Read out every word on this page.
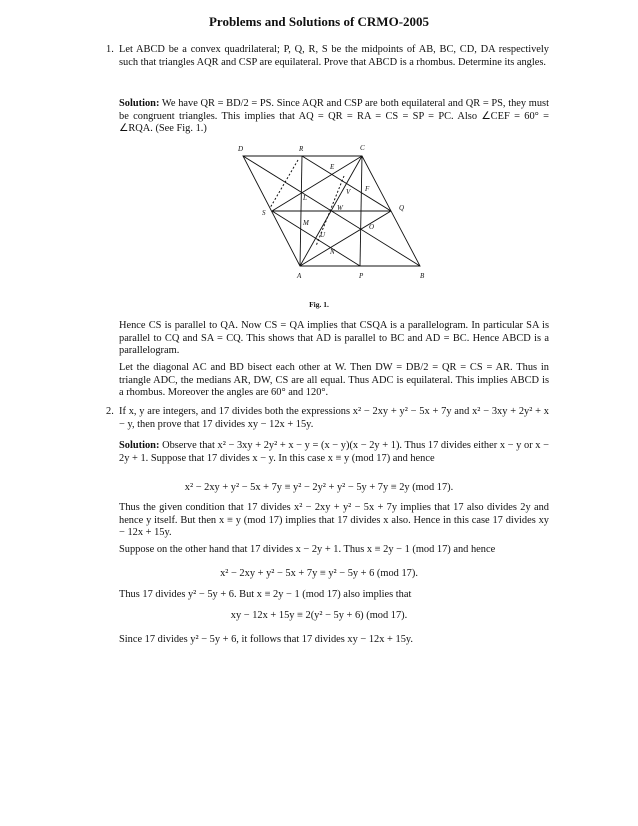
Problems and Solutions of CRMO-2005
1. Let ABCD be a convex quadrilateral; P, Q, R, S be the midpoints of AB, BC, CD, DA respectively such that triangles AQR and CSP are equilateral. Prove that ABCD is a rhombus. Determine its angles.
Solution: We have QR = BD/2 = PS. Since AQR and CSP are both equilateral and QR = PS, they must be congruent triangles. This implies that AQ = QR = RA = CS = SP = PC. Also ∠CEF = 60° = ∠RQA. (See Fig. 1.)
D	R	C
E
F
V
L
W
S
Q
M	O
U
N
A	P	B
Fig. 1.
Hence CS is parallel to QA. Now CS = QA implies that CSQA is a parallelogram. In particular SA is parallel to CQ and SA = CQ. This shows that AD is parallel to BC and AD = BC. Hence ABCD is a parallelogram.
Let the diagonal AC and BD bisect each other at W. Then DW = DB/2 = QR = CS = AR. Thus in triangle ADC, the medians AR, DW, CS are all equal. Thus ADC is equilateral. This implies ABCD is a rhombus. Moreover the angles are 60° and 120°.
2. If x, y are integers, and 17 divides both the expressions x² − 2xy + y² − 5x + 7y and x² − 3xy + 2y² + x − y, then prove that 17 divides xy − 12x + 15y.
Solution: Observe that x² − 3xy + 2y² + x − y = (x − y)(x − 2y + 1). Thus 17 divides either x − y or x − 2y + 1. Suppose that 17 divides x − y. In this case x ≡ y (mod 17) and hence
x² − 2xy + y² − 5x + 7y ≡ y² − 2y² + y² − 5y + 7y ≡ 2y (mod 17).
Thus the given condition that 17 divides x² − 2xy + y² − 5x + 7y implies that 17 also divides 2y and hence y itself. But then x ≡ y (mod 17) implies that 17 divides x also. Hence in this case 17 divides xy − 12x + 15y.
Suppose on the other hand that 17 divides x − 2y + 1. Thus x ≡ 2y − 1 (mod 17) and hence
x² − 2xy + y² − 5x + 7y ≡ y² − 5y + 6 (mod 17).
Thus 17 divides y² − 5y + 6. But x ≡ 2y − 1 (mod 17) also implies that
xy − 12x + 15y ≡ 2(y² − 5y + 6) (mod 17).
Since 17 divides y² − 5y + 6, it follows that 17 divides xy − 12x + 15y.
